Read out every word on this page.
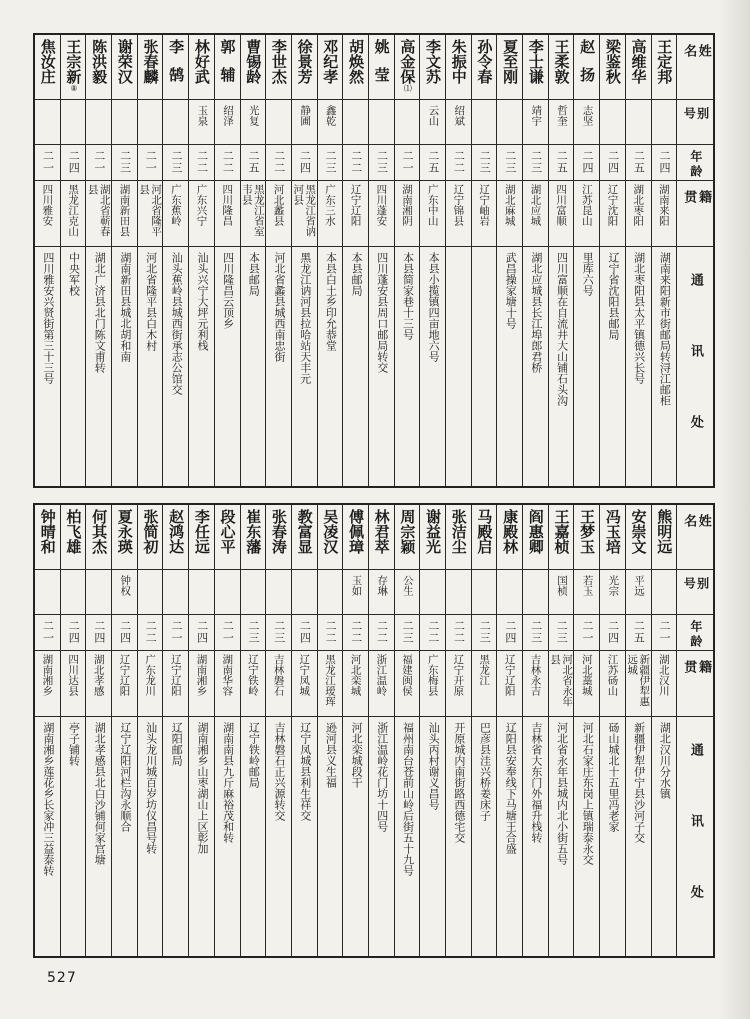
焦汝庄
二一
四川雅安
四川雅安兴贤街第三十三号
王宗新⑧
二四
黑龙江克山
中央军校
陈洪毅
二一
湖北省蕲春县
湖北广济县北门陈文甫转
谢荣汉
二三
湖南新田县
湖南新田县城北胡和南
张春麟
二一
河北省隆平县
河北省隆平县白木村
李鹄
二三
广东蕉岭
汕头蕉岭县城西街承志公馆交
林好武
玉泉
二二
广东兴宁
汕头兴宁大坪元利栈
郭辅
绍泽
二二
四川隆昌
四川隆昌云顶乡
曹锡龄
光复
二五
黑龙江省室韦县
本县邮局
李世杰
二二
河北蠡县
河北省蠡县城西南忠街
徐景芳
静圃
二四
黑龙江省讷河县
黑龙江讷河县拉哈站天丰元
邓纪孝
鑫乾
二三
广东三水
本县白土乡印允恭堂
胡焕然
二二
辽宁辽阳
本县邮局
姚莹
二三
四川蓬安
四川蓬安县周口邮局转交
高金保⑴
二一
湖南湘阴
本县简家巷十三号
李文苏
云山
二五
广东中山
本县小揽镇四亩地六号
朱振中
绍斌
二二
辽宁锦县
孙令春
二三
辽宁岫岩
夏至刚
二三
湖北麻城
武昌操家塘十号
李士谦
靖宇
二三
湖北应城
湖北应城县长江埠郎君桥
王柔敦
哲奎
二五
四川富顺
四川富顺在自流井大山铺石头沟
赵扬
志坚
二四
江苏昆山
里库六号
梁鉴秋
二四
辽宁沈阳
辽宁省沈阳县邮局
高维华
二五
湖北枣阳
湖北枣阳县太平镇德兴长号
王定邦
二四
湖南来阳
湖南来阳新市街邮局转浔江邮柜
姓名
别号
年龄
籍贯
通讯处
钟晴和
二一
湖南湘乡
湖南湘乡莲花乡长家冲三益泰转
柏飞雄
二四
四川达县
亭子铺转
何其杰
二四
湖北孝感
湖北孝感县北白沙铺何家官塘
夏永瑛
钟权
二四
辽宁辽阳
辽宁辽阳河栏沟永顺合
张简初
二二
广东龙川
汕头龙川城百岁坊仪昌号转
赵鸿达
二一
辽宁辽阳
辽阳邮局
李任远
二四
湖南湘乡
湖南湘乡山枣湖山上区彰加
段心平
二一
湖南华容
湖南南县九斤麻裕茂和转
崔东藩
二三
辽宁铁岭
辽宁铁岭邮局
张春涛
二三
吉林磐石
吉林磐石正兴源转交
教富显
二四
辽宁凤城
辽宁凤城县利生祥交
吴凌汉
二二
黑龙江瑷珲
逊河县义生福
傅佩璋
玉如
二二
河北栾城
河北栾城段干
林君萃
存琳
二二
浙江温岭
浙江温岭花门坊十四号
周宗颖
公生
二三
福建闽侯
福州南台苍前山岭后街五十九号
谢益光
二二
广东梅县
汕头丙村谢义昌号
张洁尘
二二
辽宁开原
开原城内南街路西德宅交
马殿启
二三
黑龙江
巴彦县洼兴桥姜床子
康殿林
二四
辽宁辽阳
辽阳县安奉线下马塘王合盛
阎惠卿
二三
吉林永吉
吉林省大东门外福升栈转
王嘉桢
国桢
二三
河北省永年县
河北省永年县城内北小街五号
王梦玉
若玉
二一
河北藁城
河北石家庄东岗上镇瑞泰永交
冯玉培
光宗
二四
江苏砀山
砀山城北十五里冯老家
安崇文
平远
二五
新疆伊犁惠远城
新疆伊犁伊宁县沙河子交
熊明远
二一
湖北汉川
湖北汉川分水镇
姓名
别号
年龄
籍贯
通讯处
527
